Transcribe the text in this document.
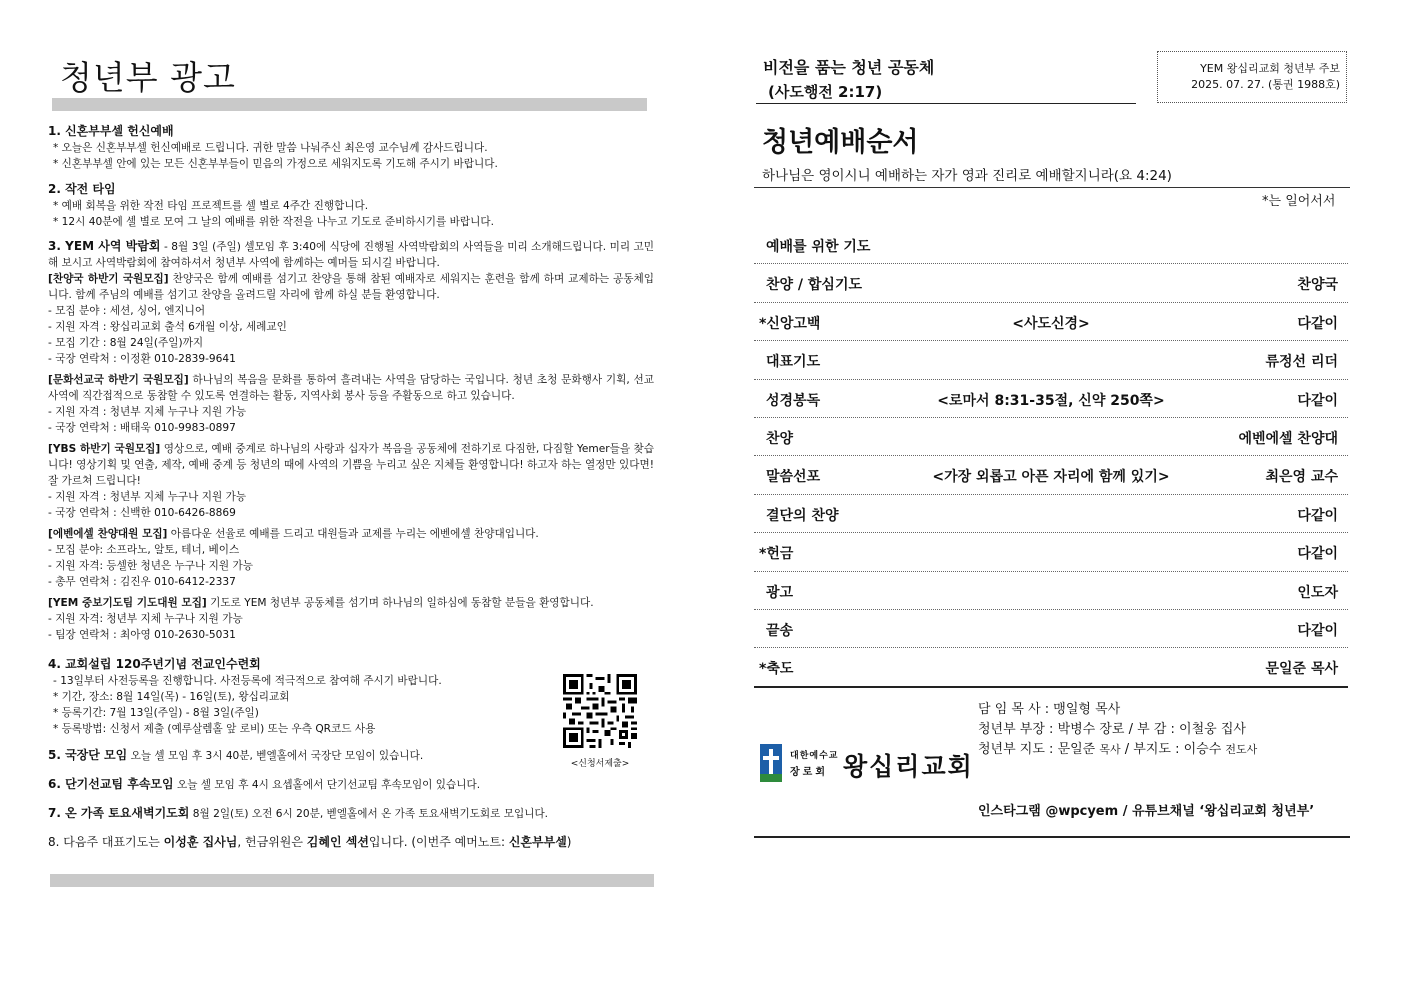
청년부 광고
1. 신혼부부셀 헌신예배
* 오늘은 신혼부부셀 헌신예배로 드립니다. 귀한 말씀 나눠주신 최은영 교수님께 감사드립니다.
* 신혼부부셀 안에 있는 모든 신혼부부들이 믿음의 가정으로 세워지도록 기도해 주시기 바랍니다.
2. 작전 타임
* 예배 회복을 위한 작전 타임 프로젝트를 셀 별로 4주간 진행합니다.
* 12시 40분에 셀 별로 모여 그 날의 예배를 위한 작전을 나누고 기도로 준비하시기를 바랍니다.
3. YEM 사역 박람회 - 8월 3일 (주일) 셀모임 후 3:40에 식당에 진행될 사역박람회의 사역들을 미리 소개해드립니다. 미리 고민해 보시고 사역박람회에 참여하셔서 청년부 사역에 함께하는 예머들 되시길 바랍니다.
[찬양국 하반기 국원모집] 찬양국은 함께 예배를 섬기고 찬양을 통해 참된 예배자로 세워지는 훈련을 함께 하며 교제하는 공동체입니다. 함께 주님의 예배를 섬기고 찬양을 올려드릴 자리에 함께 하실 분들 환영합니다.
- 모집 분야 : 세션, 싱어, 엔지니어
- 지원 자격 : 왕십리교회 출석 6개월 이상, 세례교인
- 모집 기간 : 8월 24일(주일)까지
- 국장 연락처 : 이정환 010-2839-9641
[문화선교국 하반기 국원모집] 하나님의 복음을 문화를 통하여 흘려내는 사역을 담당하는 국입니다. 청년 초청 문화행사 기획, 선교사역에 직간접적으로 동참할 수 있도록 연결하는 활동, 지역사회 봉사 등을 주활동으로 하고 있습니다.
- 지원 자격 : 청년부 지체 누구나 지원 가능
- 국장 연락처 : 배태욱 010-9983-0897
[YBS 하반기 국원모집] 영상으로, 예배 중계로 하나님의 사랑과 십자가 복음을 공동체에 전하기로 다짐한, 다짐할 Yemer들을 찾습니다! 영상기획 및 연출, 제작, 예배 중계 등 청년의 때에 사역의 기쁨을 누리고 싶은 지체들 환영합니다! 하고자 하는 열정만 있다면! 잘 가르쳐 드립니다!
- 지원 자격 : 청년부 지체 누구나 지원 가능
- 국장 연락처 : 신백한 010-6426-8869
[에벤에셀 찬양대원 모집] 아름다운 선율로 예배를 드리고 대원들과 교제를 누리는 에벤에셀 찬양대입니다.
- 모집 분야: 소프라노, 알토, 테너, 베이스
- 지원 자격: 등셀한 청년은 누구나 지원 가능
- 총무 연락처 : 김진우 010-6412-2337
[YEM 중보기도팀 기도대원 모집] 기도로 YEM 청년부 공동체를 섬기며 하나님의 일하심에 동참할 분들을 환영합니다.
- 지원 자격: 청년부 지체 누구나 지원 가능
- 팀장 연락처 : 최아영 010-2630-5031
4. 교회설립 120주년기념 전교인수련회
- 13일부터 사전등록을 진행합니다. 사전등록에 적극적으로 참여해 주시기 바랍니다.
* 기간, 장소: 8월 14일(목) - 16일(토), 왕십리교회
* 등록기간: 7월 13일(주일) - 8월 3일(주일)
* 등록방법: 신청서 제출 (예루살렘홀 앞 로비) 또는 우측 QR코드 사용
5. 국장단 모임 오늘 셀 모임 후 3시 40분, 벧엘홀에서 국장단 모임이 있습니다.
6. 단기선교팀 후속모임 오늘 셀 모임 후 4시 요셉홀에서 단기선교팀 후속모임이 있습니다.
7. 온 가족 토요새벽기도회 8월 2일(토) 오전 6시 20분, 벧엘홀에서 온 가족 토요새벽기도회로 모입니다.
8. 다음주 대표기도는 이성훈 집사님, 헌금위원은 김혜인 섹션입니다. (이번주 예머노트: 신혼부부셀)
<신청서제출>
비전을 품는 청년 공동체
(사도행전 2:17)
YEM 왕십리교회 청년부 주보
2025. 07. 27. (통권 1988호)
청년예배순서
하나님은 영이시니 예배하는 자가 영과 진리로 예배할지니라(요 4:24)
*는 일어서서
예배를 위한 기도
찬양 / 합심기도	찬양국
*신앙고백	<사도신경>	다같이
대표기도	류정선 리더
성경봉독	<로마서 8:31-35절, 신약 250쪽>	다같이
찬양	에벤에셀 찬양대
말씀선포	<가장 외롭고 아픈 자리에 함께 있기>	최은영 교수
결단의 찬양	다같이
*헌금	다같이
광고	인도자
끝송	다같이
*축도	문일준 목사
대한예수교
장로회 왕십리교회
담 임 목 사 : 맹일형 목사
청년부 부장 : 박병수 장로 / 부 감 : 이철웅 집사
청년부 지도 : 문일준 목사 / 부지도 : 이승수 전도사
인스타그램 @wpcyem / 유튜브채널 ‘왕십리교회 청년부’
